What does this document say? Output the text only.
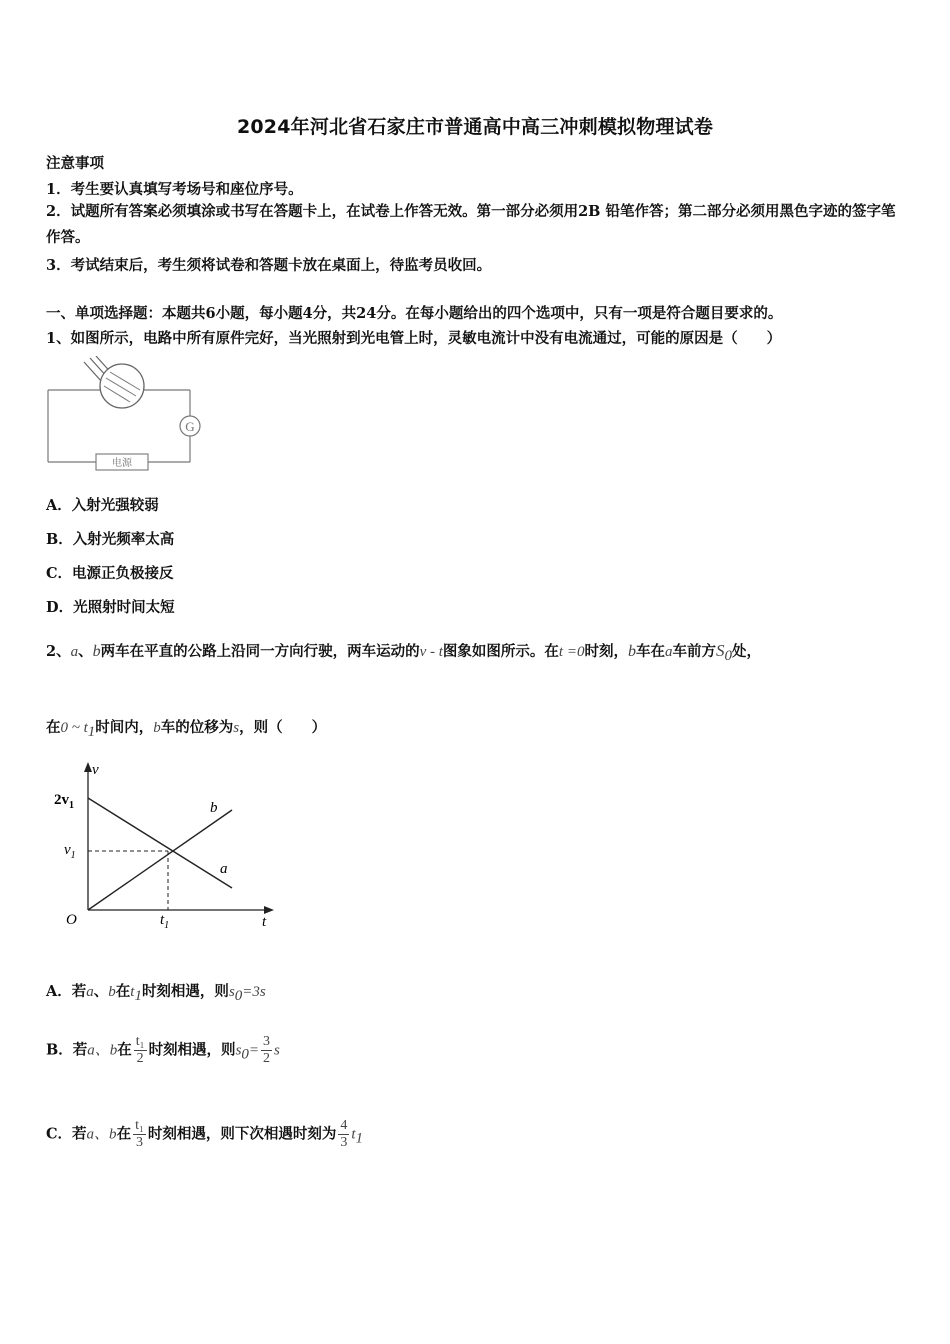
2024年河北省石家庄市普通高中高三冲刺模拟物理试卷
注意事项
1．考生要认真填写考场号和座位序号。
2．试题所有答案必须填涂或书写在答题卡上，在试卷上作答无效。第一部分必须用2B 铅笔作答；第二部分必须用黑色字迹的签字笔作答。
3．考试结束后，考生须将试卷和答题卡放在桌面上，待监考员收回。
一、单项选择题：本题共6小题，每小题4分，共24分。在每小题给出的四个选项中，只有一项是符合题目要求的。
1、如图所示，电路中所有原件完好，当光照射到光电管上时，灵敏电流计中没有电流通过，可能的原因是（　　）
G
电源
A．入射光强较弱
B．入射光频率太高
C．电源正负极接反
D．光照射时间太短
2、a、b两车在平直的公路上沿同一方向行驶，两车运动的v - t图象如图所示。在t =0时刻，b车在a车前方$S_0$处，
在0 ~ $t_1$时间内，b车的位移为s，则（　　）
v
t
O
$2v_1$
$v_1$
$t_1$
b
a
A．若a、b在$t_1$时刻相遇，则$s_0=3s$
B．若a、b在 $\frac{\text{t₁}}{2}$ 时刻相遇，则$s_0= \frac{3}{2}$ s
C．若a、b在 $\frac{\text{t₁}}{3}$ 时刻相遇，则下次相遇时刻为 $\frac{4}{3} t_1$
